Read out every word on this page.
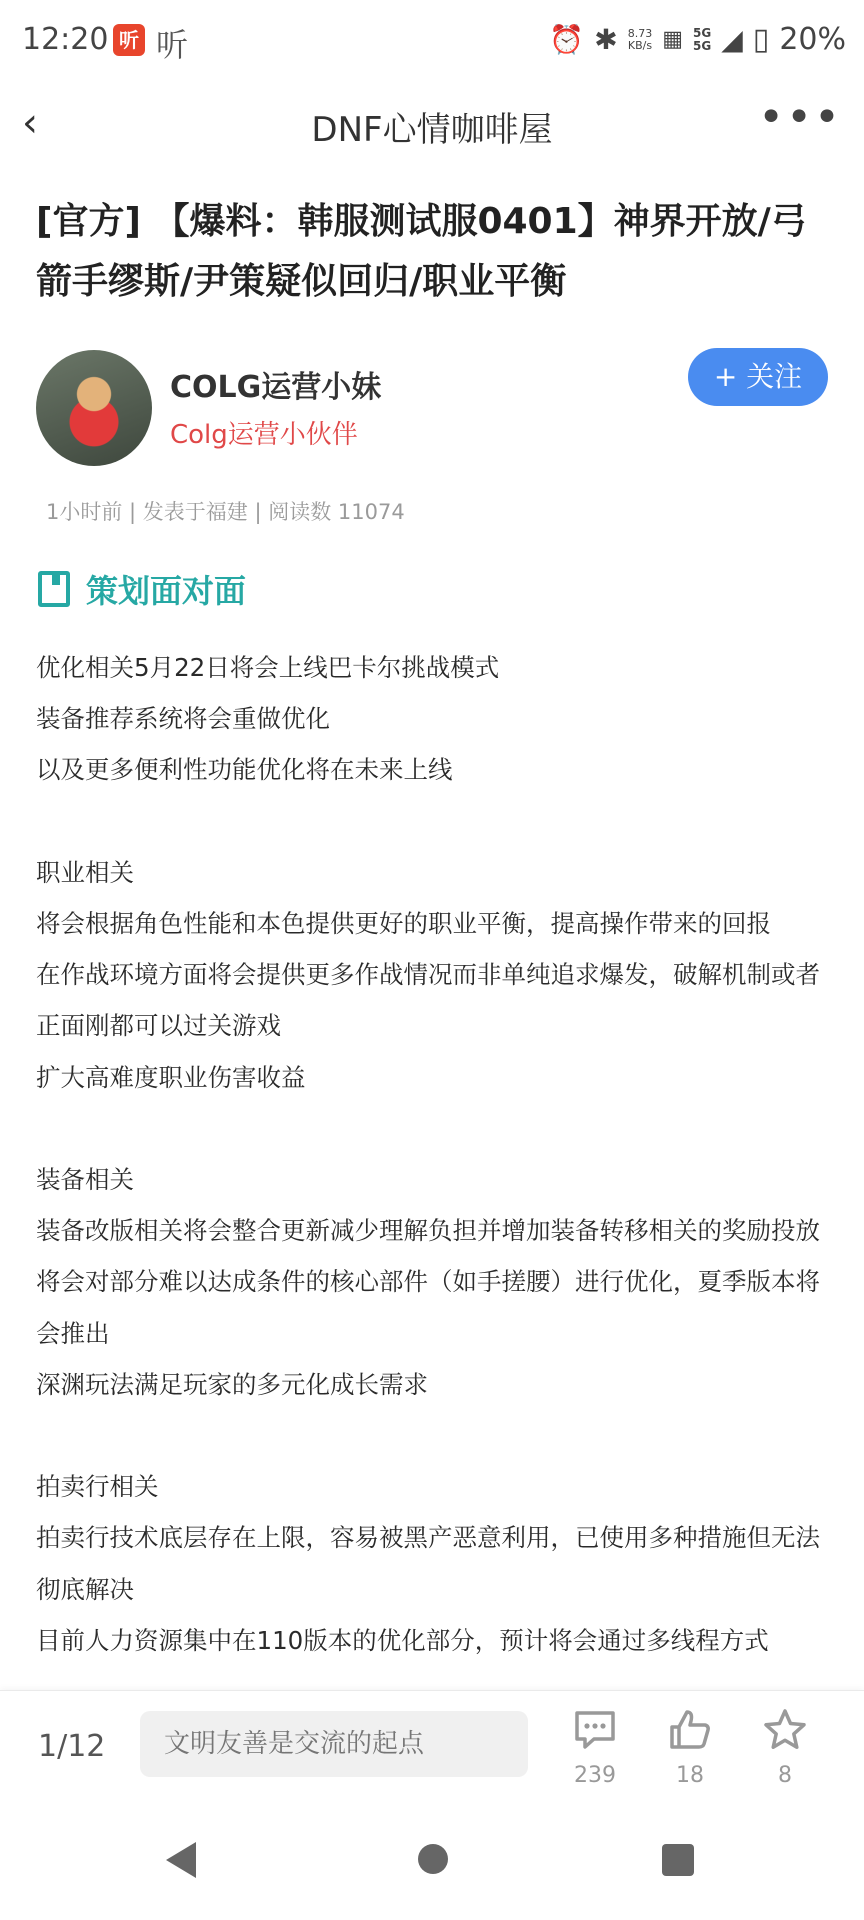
12:20 听 听	⏰ ✱ 8.73
KB/s ▦ 5G
5G ◢ ▯ 20%
‹	DNF心情咖啡屋	•••
[官方] 【爆料：韩服测试服0401】神界开放/弓箭手缪斯/尹策疑似回归/职业平衡
COLG运营小妹
Colg运营小伙伴
+ 关注
1小时前 | 发表于福建 | 阅读数 11074
策划面对面
优化相关5月22日将会上线巴卡尔挑战模式
装备推荐系统将会重做优化
以及更多便利性功能优化将在未来上线
职业相关
将会根据角色性能和本色提供更好的职业平衡，提高操作带来的回报
在作战环境方面将会提供更多作战情况而非单纯追求爆发，破解机制或者正面刚都可以过关游戏
扩大高难度职业伤害收益
装备相关
装备改版相关将会整合更新减少理解负担并增加装备转移相关的奖励投放
将会对部分难以达成条件的核心部件（如手搓腰）进行优化，夏季版本将会推出
深渊玩法满足玩家的多元化成长需求
拍卖行相关
拍卖行技术底层存在上限，容易被黑产恶意利用，已使用多种措施但无法彻底解决
目前人力资源集中在110版本的优化部分，预计将会通过多线程方式
1/12
文明友善是交流的起点
239	18	8
